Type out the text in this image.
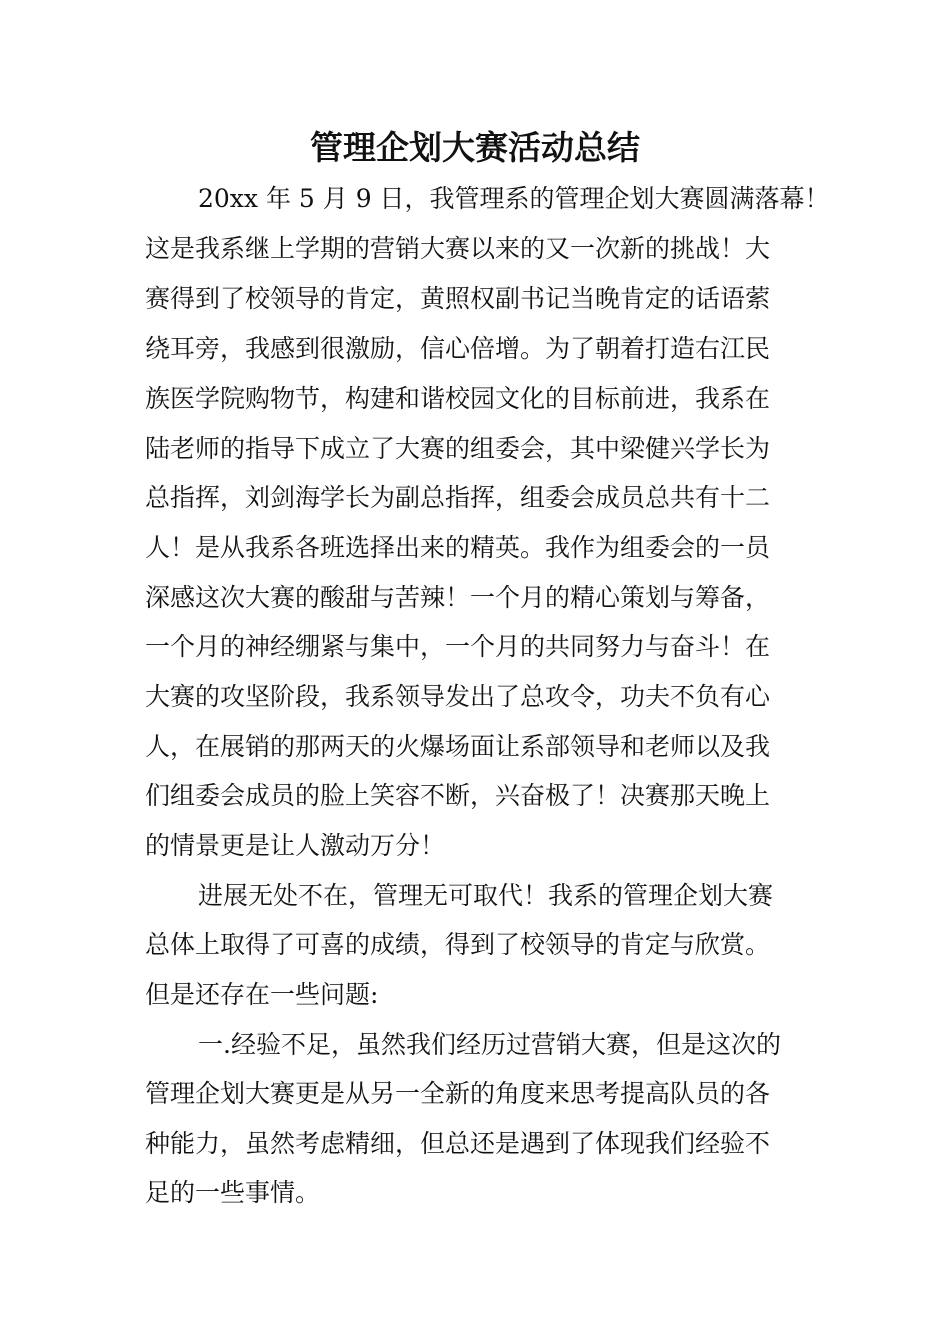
管理企划大赛活动总结

20xx 年 5 月 9 日，我管理系的管理企划大赛圆满落幕！

这是我系继上学期的营销大赛以来的又一次新的挑战！大

赛得到了校领导的肯定，黄照权副书记当晚肯定的话语萦

绕耳旁，我感到很激励，信心倍增。为了朝着打造右江民

族医学院购物节，构建和谐校园文化的目标前进，我系在

陆老师的指导下成立了大赛的组委会，其中梁健兴学长为

总指挥，刘剑海学长为副总指挥，组委会成员总共有十二

人！是从我系各班选择出来的精英。我作为组委会的一员

深感这次大赛的酸甜与苦辣！一个月的精心策划与筹备，

一个月的神经绷紧与集中，一个月的共同努力与奋斗！在

大赛的攻坚阶段，我系领导发出了总攻令，功夫不负有心

人，在展销的那两天的火爆场面让系部领导和老师以及我

们组委会成员的脸上笑容不断，兴奋极了！决赛那天晚上

的情景更是让人激动万分！

进展无处不在，管理无可取代！我系的管理企划大赛

总体上取得了可喜的成绩，得到了校领导的肯定与欣赏。

但是还存在一些问题:

一.经验不足，虽然我们经历过营销大赛，但是这次的

管理企划大赛更是从另一全新的角度来思考提高队员的各

种能力，虽然考虑精细，但总还是遇到了体现我们经验不

足的一些事情。
